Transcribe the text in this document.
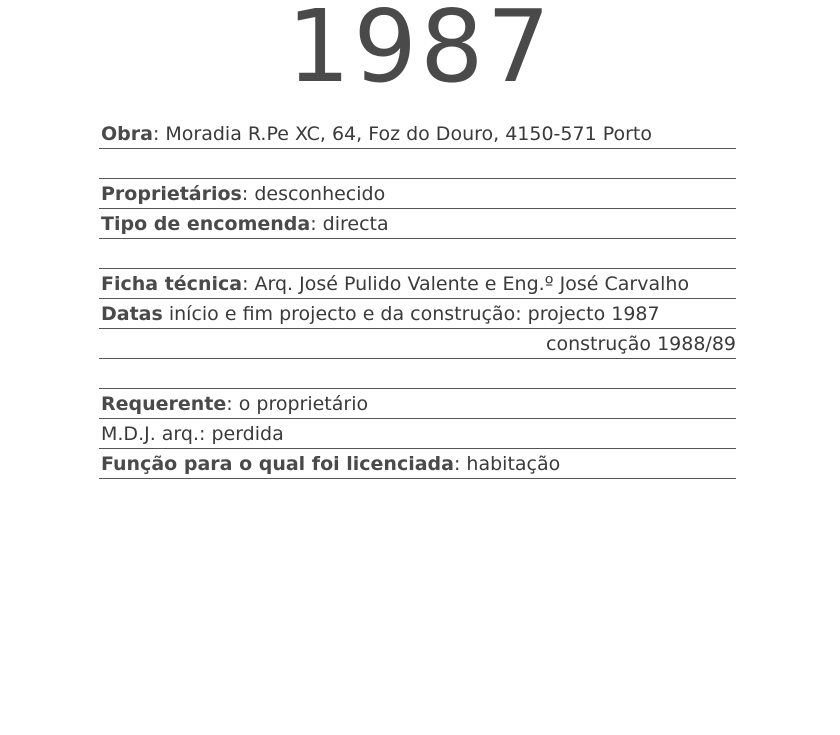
1987
Obra: Moradia R.Pe XC, 64, Foz do Douro, 4150-571 Porto
Proprietários: desconhecido
Tipo de encomenda: directa
Ficha técnica: Arq. José Pulido Valente e Eng.º José Carvalho
Datas início e fim projecto e da construção: projecto 1987
construção 1988/89
Requerente: o proprietário
M.D.J. arq.: perdida
Função para o qual foi licenciada: habitação
